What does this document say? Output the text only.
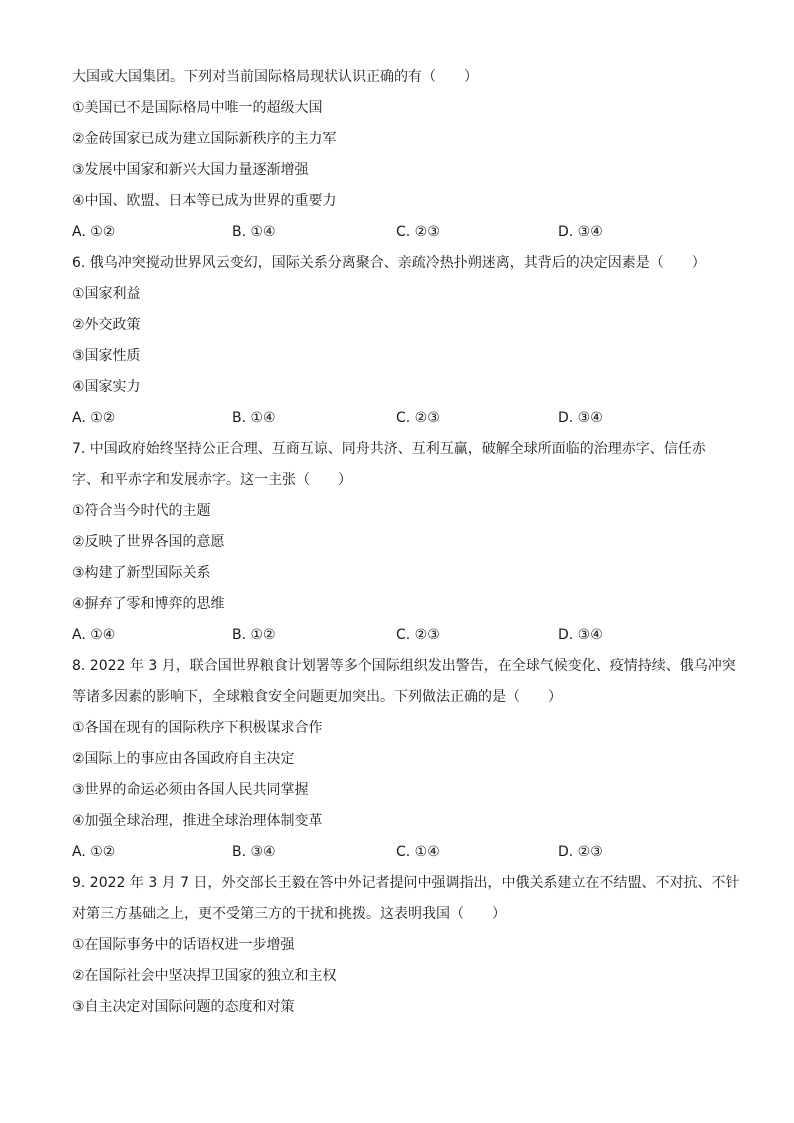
大国或大国集团。下列对当前国际格局现状认识正确的有（　　）
①美国已不是国际格局中唯一的超级大国
②金砖国家已成为建立国际新秩序的主力军
③发展中国家和新兴大国力量逐渐增强
④中国、欧盟、日本等已成为世界的重要力
A. ①②	B. ①④	C. ②③	D. ③④
6. 俄乌冲突搅动世界风云变幻，国际关系分离聚合、亲疏冷热扑朔迷离，其背后的决定因素是（　　）
①国家利益
②外交政策
③国家性质
④国家实力
A. ①②	B. ①④	C. ②③	D. ③④
7. 中国政府始终坚持公正合理、互商互谅、同舟共济、互利互赢，破解全球所面临的治理赤字、信任赤
字、和平赤字和发展赤字。这一主张（　　）
①符合当今时代的主题
②反映了世界各国的意愿
③构建了新型国际关系
④摒弃了零和博弈的思维
A. ①④	B. ①②	C. ②③	D. ③④
8. 2022 年 3 月，联合国世界粮食计划署等多个国际组织发出警告，在全球气候变化、疫情持续、俄乌冲突
等诸多因素的影响下，全球粮食安全问题更加突出。下列做法正确的是（　　）
①各国在现有的国际秩序下积极谋求合作
②国际上的事应由各国政府自主决定
③世界的命运必须由各国人民共同掌握
④加强全球治理，推进全球治理体制变革
A. ①②	B. ③④	C. ①④	D. ②③
9. 2022 年 3 月 7 日，外交部长王毅在答中外记者提问中强调指出，中俄关系建立在不结盟、不对抗、不针
对第三方基础之上，更不受第三方的干扰和挑拨。这表明我国（　　）
①在国际事务中的话语权进一步增强
②在国际社会中坚决捍卫国家的独立和主权
③自主决定对国际问题的态度和对策
